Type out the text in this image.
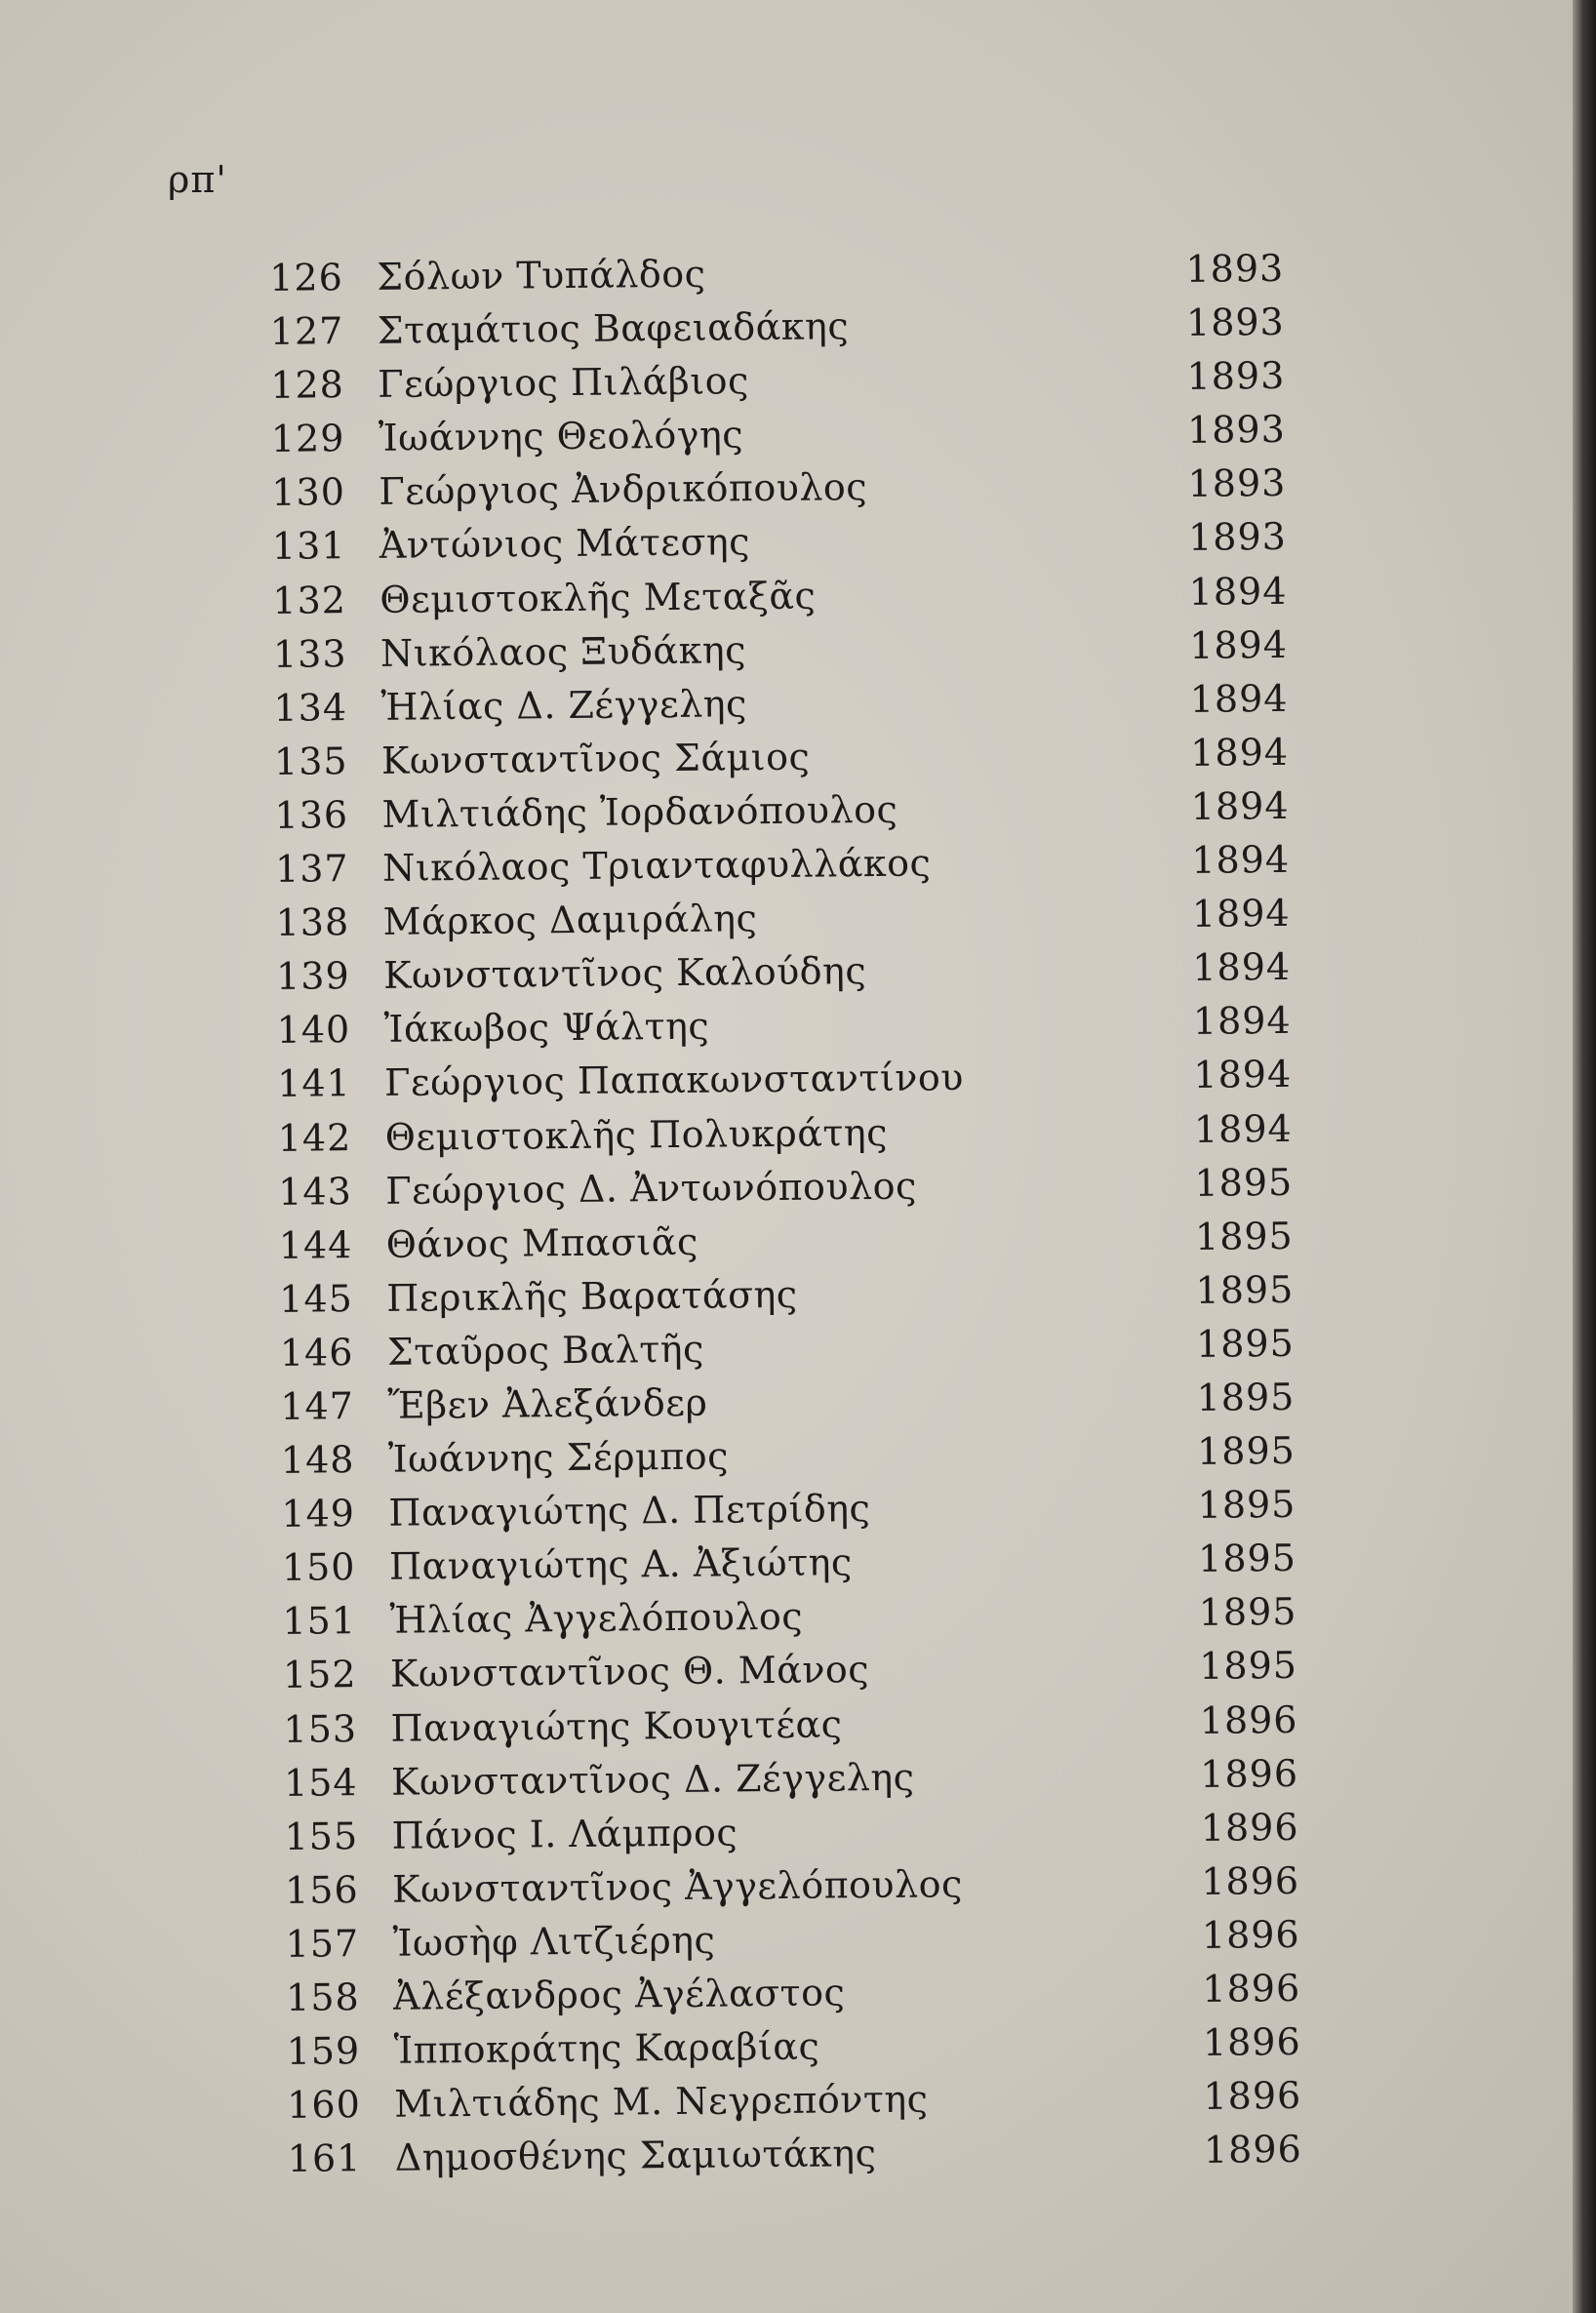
ρπ'
126 Σόλων Τυπάλδος	1893
127 Σταμάτιος Βαφειαδάκης	1893
128 Γεώργιος Πιλάβιος	1893
129 Ἰωάννης Θεολόγης	1893
130 Γεώργιος Ἀνδρικόπουλος	1893
131 Ἀντώνιος Μάτεσης	1893
132 Θεμιστοκλῆς Μεταξᾶς	1894
133 Νικόλαος Ξυδάκης	1894
134 Ἠλίας Δ. Ζέγγελης	1894
135 Κωνσταντῖνος Σάμιος	1894
136 Μιλτιάδης Ἰορδανόπουλος	1894
137 Νικόλαος Τριανταφυλλάκος	1894
138 Μάρκος Δαμιράλης	1894
139 Κωνσταντῖνος Καλούδης	1894
140 Ἰάκωβος Ψάλτης	1894
141 Γεώργιος Παπακωνσταντίνου	1894
142 Θεμιστοκλῆς Πολυκράτης	1894
143 Γεώργιος Δ. Ἀντωνόπουλος	1895
144 Θάνος Μπασιᾶς	1895
145 Περικλῆς Βαρατάσης	1895
146 Σταῦρος Βαλτῆς	1895
147 Ἔβεν Ἀλεξάνδερ	1895
148 Ἰωάννης Σέρμπος	1895
149 Παναγιώτης Δ. Πετρίδης	1895
150 Παναγιώτης Α. Ἀξιώτης	1895
151 Ἠλίας Ἀγγελόπουλος	1895
152 Κωνσταντῖνος Θ. Μάνος	1895
153 Παναγιώτης Κουγιτέας	1896
154 Κωνσταντῖνος Δ. Ζέγγελης	1896
155 Πάνος Ι. Λάμπρος	1896
156 Κωνσταντῖνος Ἀγγελόπουλος	1896
157 Ἰωσὴφ Λιτζιέρης	1896
158 Ἀλέξανδρος Ἀγέλαστος	1896
159 Ἱπποκράτης Καραβίας	1896
160 Μιλτιάδης Μ. Νεγρεπόντης	1896
161 Δημοσθένης Σαμιωτάκης	1896
